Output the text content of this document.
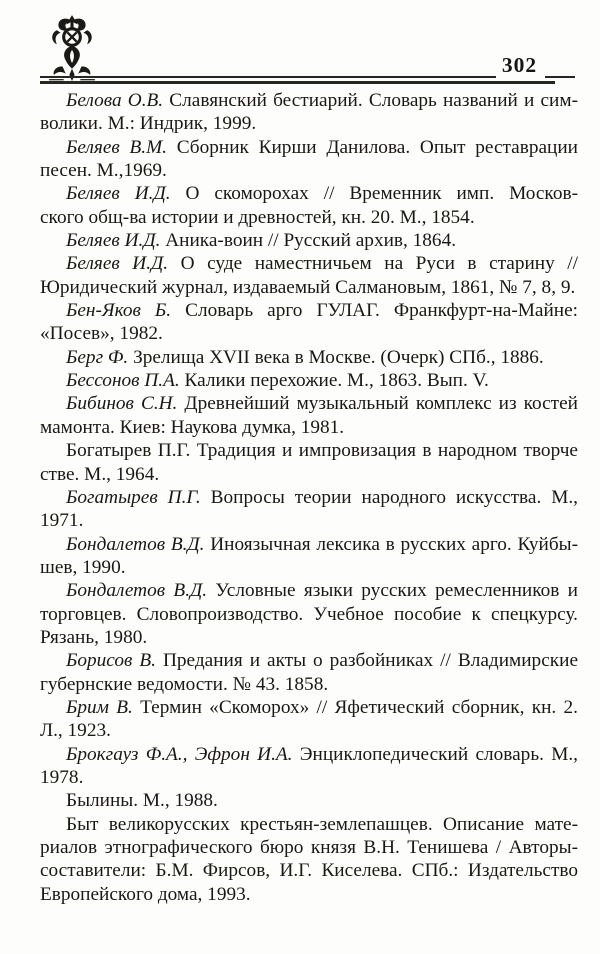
302
Белова О.В. Славянский бестиарий. Словарь названий и сим-
волики. М.: Индрик, 1999.
Беляев В.М. Сборник Кирши Данилова. Опыт реставрации
песен. М.,1969.
Беляев И.Д. О скоморохах // Временник имп. Москов-
ского общ-ва истории и древностей, кн. 20. М., 1854.
Беляев И.Д. Аника-воин // Русский архив, 1864.
Беляев И.Д. О суде наместничьем на Руси в старину //
Юридический журнал, издаваемый Салмановым, 1861, № 7, 8, 9.
Бен-Яков Б. Словарь арго ГУЛАГ. Франкфурт-на-Майне:
«Посев», 1982.
Берг Ф. Зрелища XVII века в Москве. (Очерк) СПб., 1886.
Бессонов П.А. Калики перехожие. М., 1863. Вып. V.
Бибинов С.Н. Древнейший музыкальный комплекс из костей
мамонта. Киев: Наукова думка, 1981.
Богатырев П.Г. Традиция и импровизация в народном творче
стве. М., 1964.
Богатырев П.Г. Вопросы теории народного искусства. М.,
1971.
Бондалетов В.Д. Иноязычная лексика в русских арго. Куйбы-
шев, 1990.
Бондалетов В.Д. Условные языки русских ремесленников и
торговцев. Словопроизводство. Учебное пособие к спецкурсу.
Рязань, 1980.
Борисов В. Предания и акты о разбойниках // Владимирские
губернские ведомости. № 43. 1858.
Брим В. Термин «Скоморох» // Яфетический сборник, кн. 2.
Л., 1923.
Брокгауз Ф.А., Эфрон И.А. Энциклопедический словарь. М.,
1978.
Былины. М., 1988.
Быт великорусских крестьян-землепашцев. Описание мате-
риалов этнографического бюро князя В.Н. Тенишева / Авторы-
составители: Б.М. Фирсов, И.Г. Киселева. СПб.: Издательство
Европейского дома, 1993.
